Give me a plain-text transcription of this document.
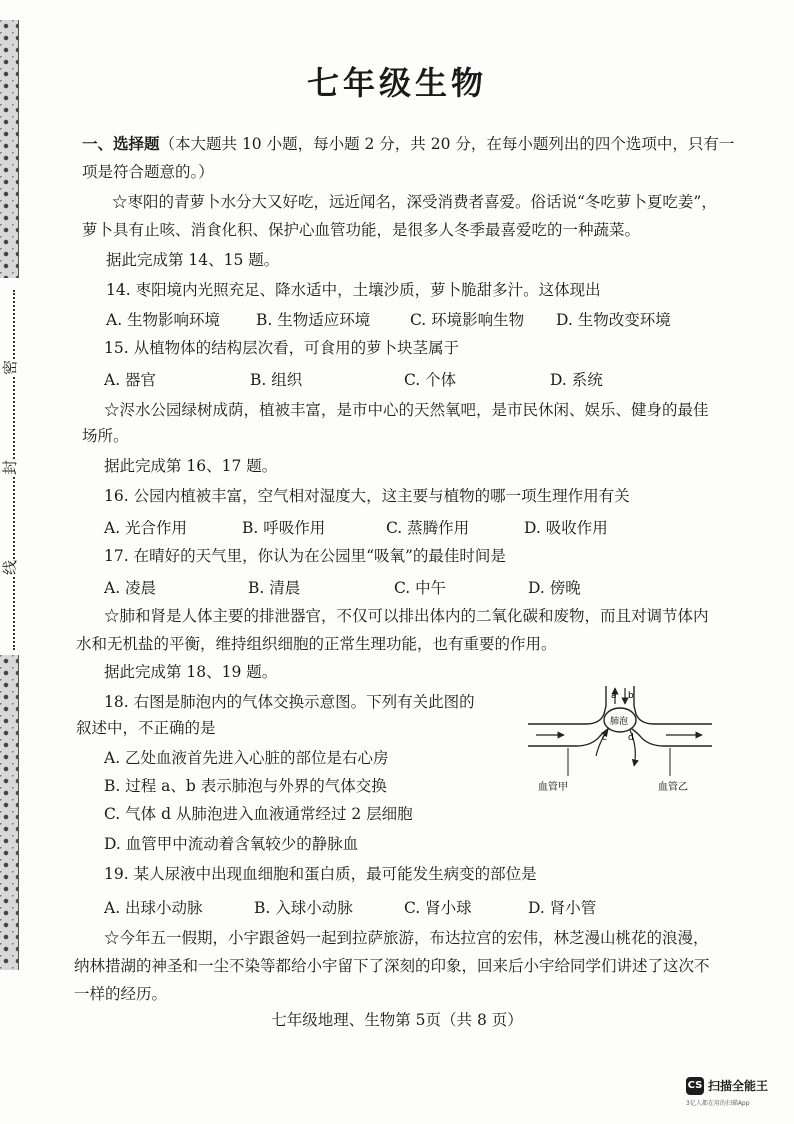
密
封
线
七年级生物
一、选择题（本大题共 10 小题，每小题 2 分，共 20 分，在每小题列出的四个选项中，只有一
项是符合题意的。）
☆枣阳的青萝卜水分大又好吃，远近闻名，深受消费者喜爱。俗话说“冬吃萝卜夏吃姜”，
萝卜具有止咳、消食化积、保护心血管功能，是很多人冬季最喜爱吃的一种蔬菜。
据此完成第 14、15 题。
14. 枣阳境内光照充足、降水适中，土壤沙质，萝卜脆甜多汁。这体现出
A. 生物影响环境 B. 生物适应环境	C. 环境影响生物 D. 生物改变环境
15. 从植物体的结构层次看，可食用的萝卜块茎属于
A. 器官	B. 组织	C. 个体	D. 系统
☆浕水公园绿树成荫，植被丰富，是市中心的天然氧吧，是市民休闲、娱乐、健身的最佳
场所。
据此完成第 16、17 题。
16. 公园内植被丰富，空气相对湿度大，这主要与植物的哪一项生理作用有关
A. 光合作用	B. 呼吸作用	C. 蒸腾作用	D. 吸收作用
17. 在晴好的天气里，你认为在公园里“吸氧”的最佳时间是
A. 凌晨	B. 清晨	C. 中午	D. 傍晚
☆肺和肾是人体主要的排泄器官，不仅可以排出体内的二氧化碳和废物，而且对调节体内
水和无机盐的平衡，维持组织细胞的正常生理功能，也有重要的作用。
据此完成第 18、19 题。
18. 右图是肺泡内的气体交换示意图。下列有关此图的
叙述中，不正确的是
A. 乙处血液首先进入心脏的部位是右心房
B. 过程 a、b 表示肺泡与外界的气体交换
C. 气体 d 从肺泡进入血液通常经过 2 层细胞
D. 血管甲中流动着含氧较少的静脉血
a b
肺泡
c d
血管甲	血管乙
19. 某人尿液中出现血细胞和蛋白质，最可能发生病变的部位是
A. 出球小动脉	B. 入球小动脉	C. 肾小球	D. 肾小管
☆今年五一假期，小宇跟爸妈一起到拉萨旅游，布达拉宫的宏伟，林芝漫山桃花的浪漫，
纳林措湖的神圣和一尘不染等都给小宇留下了深刻的印象，回来后小宇给同学们讲述了这次不
一样的经历。
七年级地理、生物第 5页（共 8 页）
CS 扫描全能王
3亿人都在用的扫描App
